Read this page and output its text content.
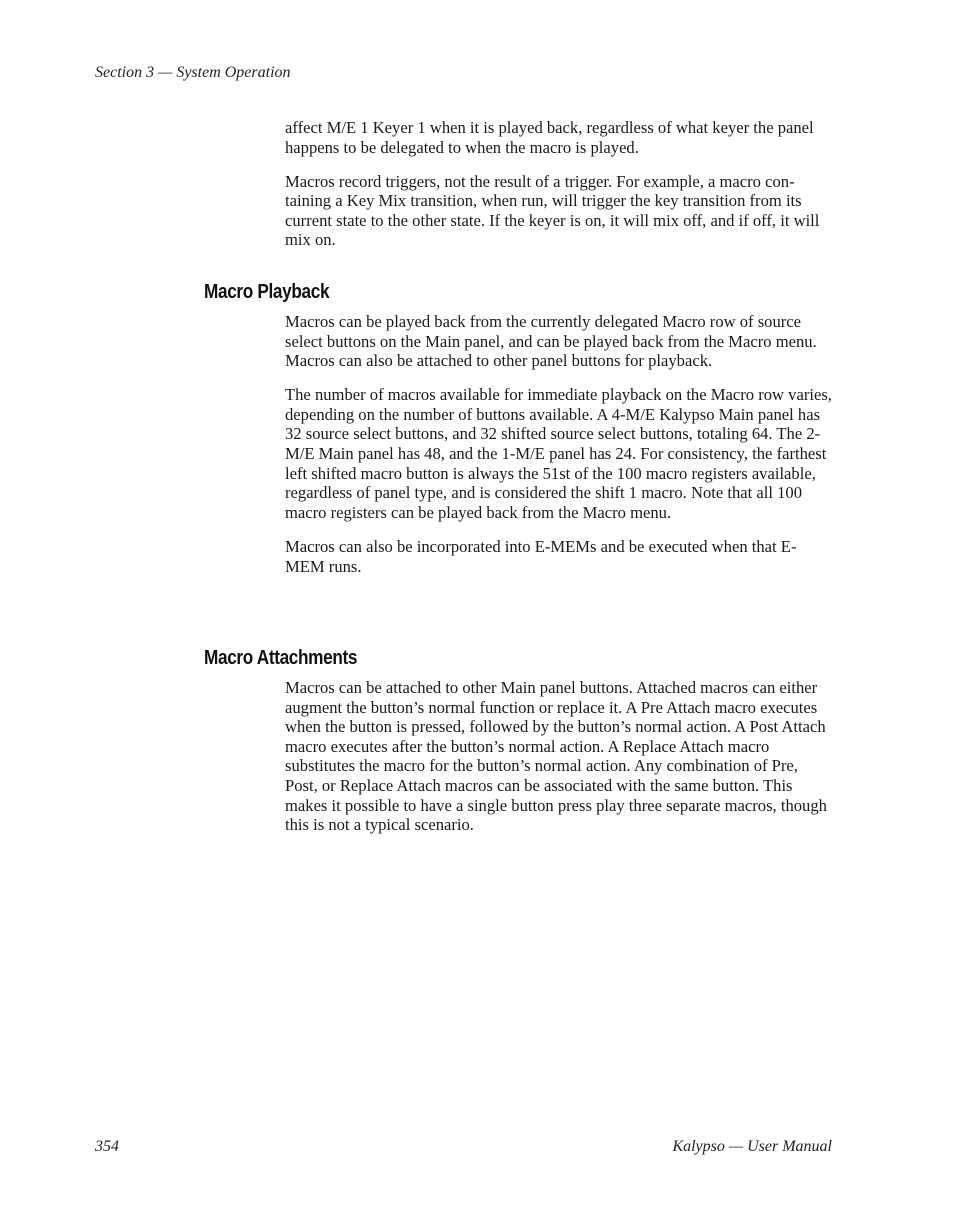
Section 3 — System Operation

affect M/E 1 Keyer 1 when it is played back, regardless of what keyer the panel happens to be delegated to when the macro is played.

Macros record triggers, not the result of a trigger. For example, a macro containing a Key Mix transition, when run, will trigger the key transition from its current state to the other state. If the keyer is on, it will mix off, and if off, it will mix on.

Macro Playback

Macros can be played back from the currently delegated Macro row of source select buttons on the Main panel, and can be played back from the Macro menu. Macros can also be attached to other panel buttons for playback.

The number of macros available for immediate playback on the Macro row varies, depending on the number of buttons available. A 4-M/E Kalypso Main panel has 32 source select buttons, and 32 shifted source select buttons, totaling 64. The 2-M/E Main panel has 48, and the 1-M/E panel has 24. For consistency, the farthest left shifted macro button is always the 51st of the 100 macro registers available, regardless of panel type, and is considered the shift 1 macro. Note that all 100 macro registers can be played back from the Macro menu.

Macros can also be incorporated into E-MEMs and be executed when that E-MEM runs.

Macro Attachments

Macros can be attached to other Main panel buttons. Attached macros can either augment the button’s normal function or replace it. A Pre Attach macro executes when the button is pressed, followed by the button’s normal action. A Post Attach macro executes after the button’s normal action. A Replace Attach macro substitutes the macro for the button’s normal action. Any combination of Pre, Post, or Replace Attach macros can be associated with the same button. This makes it possible to have a single button press play three separate macros, though this is not a typical scenario.

354	Kalypso — User Manual
